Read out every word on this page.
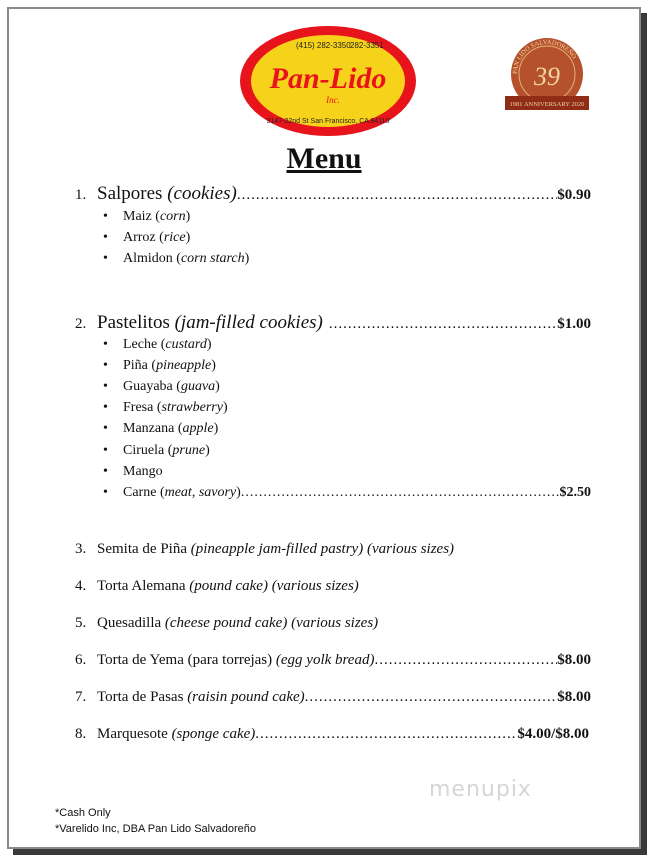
(415) 282-3350 282-3351
Pan-Lido
Inc.
3147-22nd St San Francisco, CA 94110
PAN LIDO SALVADOREÑO
39
1981 ANNIVERSARY 2020
Menu
1. Salpores
(cookies) .....	$0.90
•	Maiz ( corn )
•	Arroz ( rice )
•	Almidon ( corn starch )
2. Pastelitos
(jam-filled cookies) .....	$1.00
•	Leche ( custard )
•	Piña ( pineapple )
•	Guayaba ( guava )
•	Fresa ( strawberry )
•	Manzana ( apple )
•	Ciruela ( prune )
•	Mango
•	Carne ( meat, savory ) .....	$2.50
3. Semita de Piña
(pineapple jam-filled pastry) (various sizes)
4. Torta Alemana
(pound cake) (various sizes)
5. Quesadilla
(cheese pound cake) (various sizes)
6. Torta de Yema (para torrejas)
(egg yolk bread) .....	$8.00
7. Torta de Pasas
(raisin pound cake) .....	$8.00
8. Marquesote
(sponge cake) .....	$4.00/$8.00
menupix
*Cash Only
*Varelido Inc, DBA Pan Lido Salvadoreño
